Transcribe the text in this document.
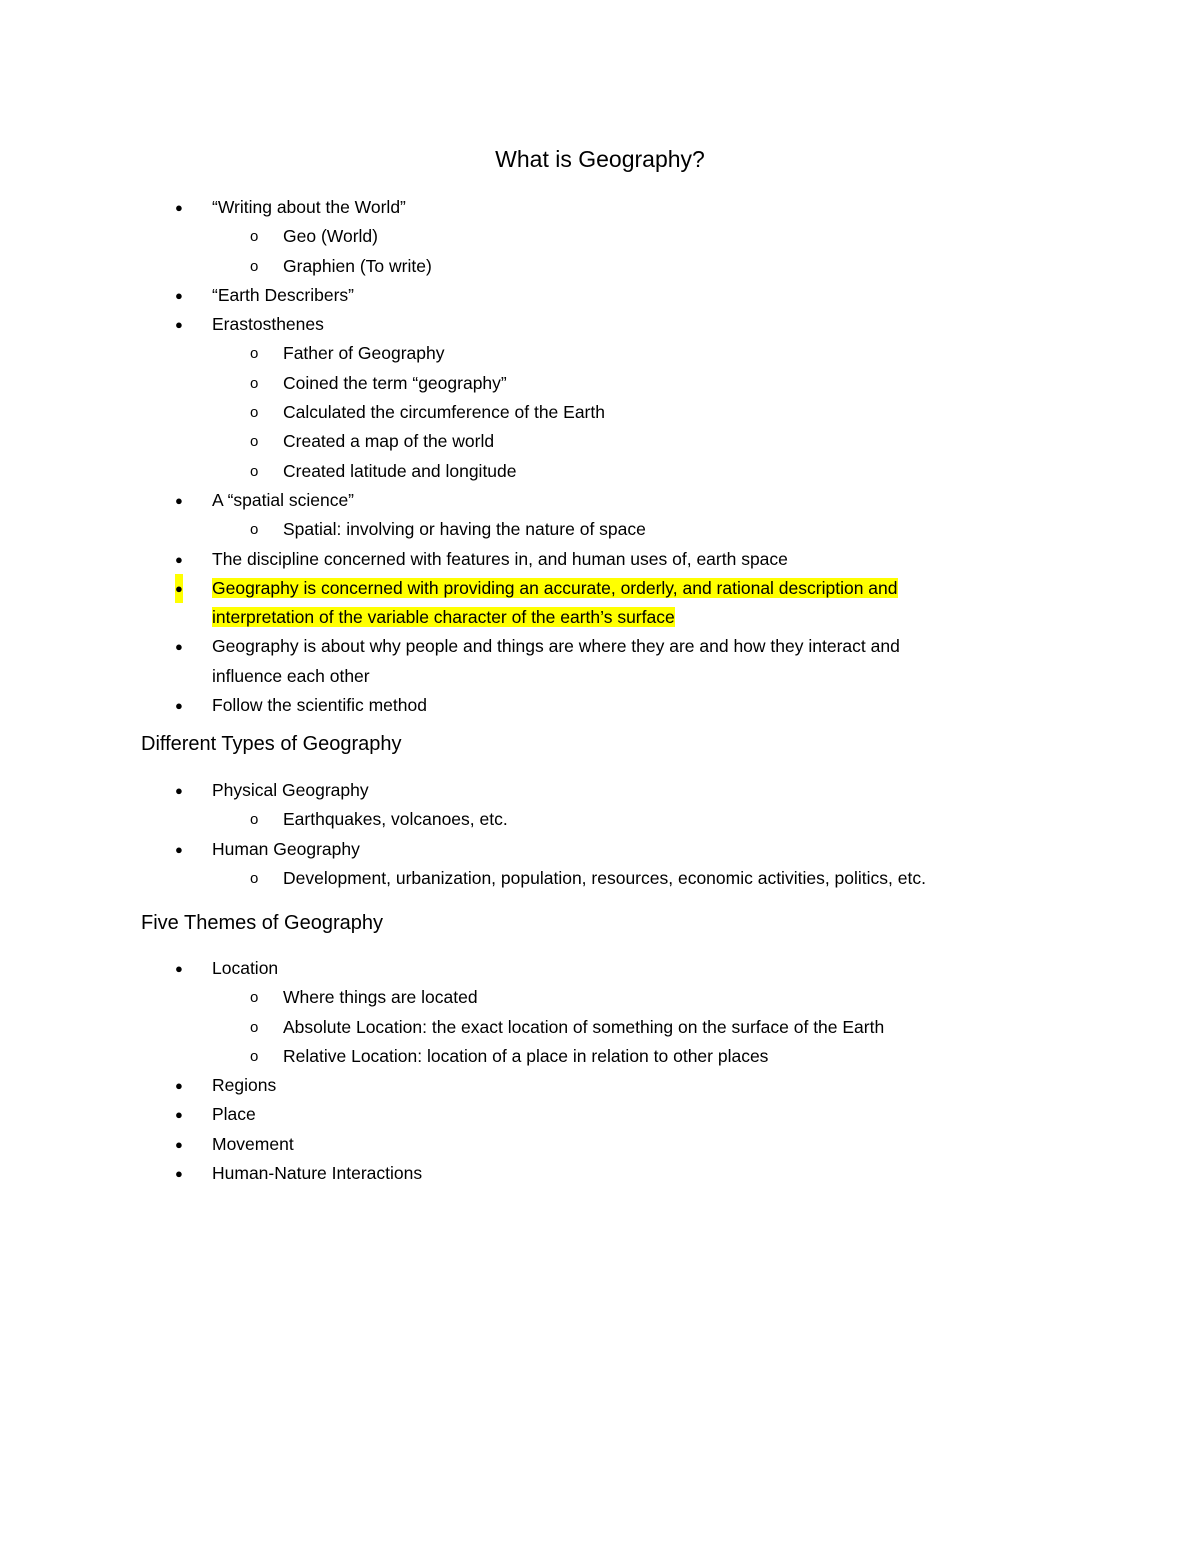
What is Geography?
● “Writing about the World”
o Geo (World)
o Graphien (To write)
● “Earth Describers”
● Erastosthenes
o Father of Geography
o Coined the term “geography”
o Calculated the circumference of the Earth
o Created a map of the world
o Created latitude and longitude
● A “spatial science”
o Spatial: involving or having the nature of space
● The discipline concerned with features in, and human uses of, earth space
● Geography is concerned with providing an accurate, orderly, and rational description and
interpretation of the variable character of the earth’s surface
● Geography is about why people and things are where they are and how they interact and
influence each other
● Follow the scientific method
Different Types of Geography
● Physical Geography
o Earthquakes, volcanoes, etc.
● Human Geography
o Development, urbanization, population, resources, economic activities, politics, etc.
Five Themes of Geography
● Location
o Where things are located
o Absolute Location: the exact location of something on the surface of the Earth
o Relative Location: location of a place in relation to other places
● Regions
● Place
● Movement
● Human-Nature Interactions
